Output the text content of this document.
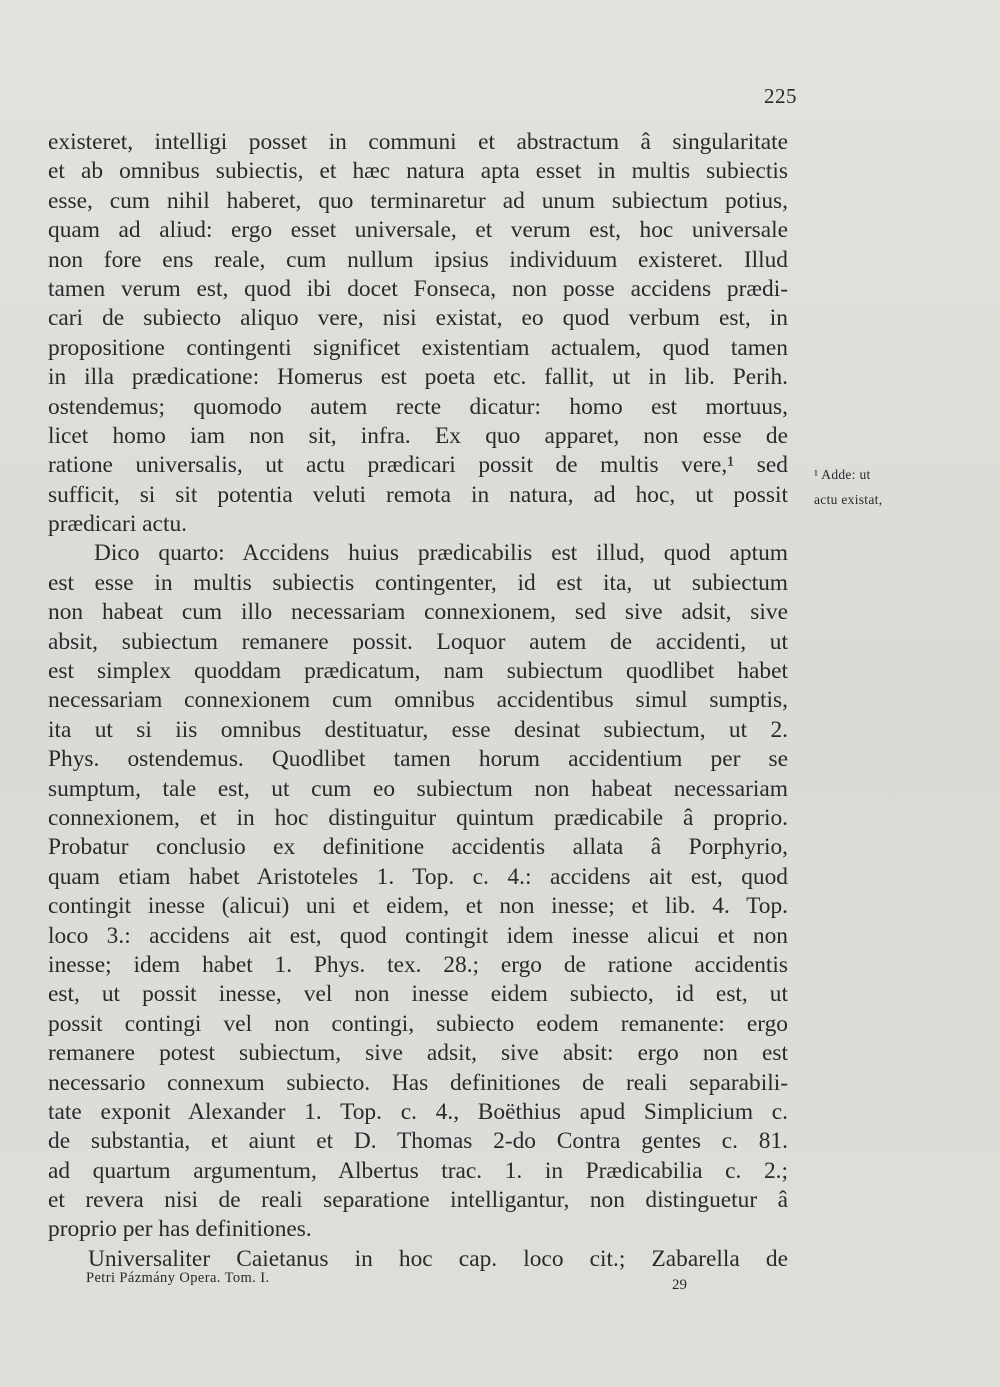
225
existeret, intelligi posset in communi et abstractum â singularitate
et ab omnibus subiectis, et hæc natura apta esset in multis subiectis
esse, cum nihil haberet, quo terminaretur ad unum subiectum potius,
quam ad aliud: ergo esset universale, et verum est, hoc universale
non fore ens reale, cum nullum ipsius individuum existeret. Illud
tamen verum est, quod ibi docet Fonseca, non posse accidens prædi-
cari de subiecto aliquo vere, nisi existat, eo quod verbum est, in
propositione contingenti significet existentiam actualem, quod tamen
in illa prædicatione: Homerus est poeta etc. fallit, ut in lib. Perih.
ostendemus; quomodo autem recte dicatur: homo est mortuus,
licet homo iam non sit, infra. Ex quo apparet, non esse de
ratione universalis, ut actu prædicari possit de multis vere,¹ sed
sufficit, si sit potentia veluti remota in natura, ad hoc, ut possit
prædicari actu.
Dico quarto: Accidens huius prædicabilis est illud, quod aptum
est esse in multis subiectis contingenter, id est ita, ut subiectum
non habeat cum illo necessariam connexionem, sed sive adsit, sive
absit, subiectum remanere possit. Loquor autem de accidenti, ut
est simplex quoddam prædicatum, nam subiectum quodlibet habet
necessariam connexionem cum omnibus accidentibus simul sumptis,
ita ut si iis omnibus destituatur, esse desinat subiectum, ut 2.
Phys. ostendemus. Quodlibet tamen horum accidentium per se
sumptum, tale est, ut cum eo subiectum non habeat necessariam
connexionem, et in hoc distinguitur quintum prædicabile â proprio.
Probatur conclusio ex definitione accidentis allata â Porphyrio,
quam etiam habet Aristoteles 1. Top. c. 4.: accidens ait est, quod
contingit inesse (alicui) uni et eidem, et non inesse; et lib. 4. Top.
loco 3.: accidens ait est, quod contingit idem inesse alicui et non
inesse; idem habet 1. Phys. tex. 28.; ergo de ratione accidentis
est, ut possit inesse, vel non inesse eidem subiecto, id est, ut
possit contingi vel non contingi, subiecto eodem remanente: ergo
remanere potest subiectum, sive adsit, sive absit: ergo non est
necessario connexum subiecto. Has definitiones de reali separabili-
tate exponit Alexander 1. Top. c. 4., Boëthius apud Simplicium c.
de substantia, et aiunt et D. Thomas 2-do Contra gentes c. 81.
ad quartum argumentum, Albertus trac. 1. in Prædicabilia c. 2.;
et revera nisi de reali separatione intelligantur, non distinguetur â
proprio per has definitiones.
Universaliter Caietanus in hoc cap. loco cit.; Zabarella de
¹ Adde: ut
actu existat,
Petri Pázmány Opera. Tom. I.	29
